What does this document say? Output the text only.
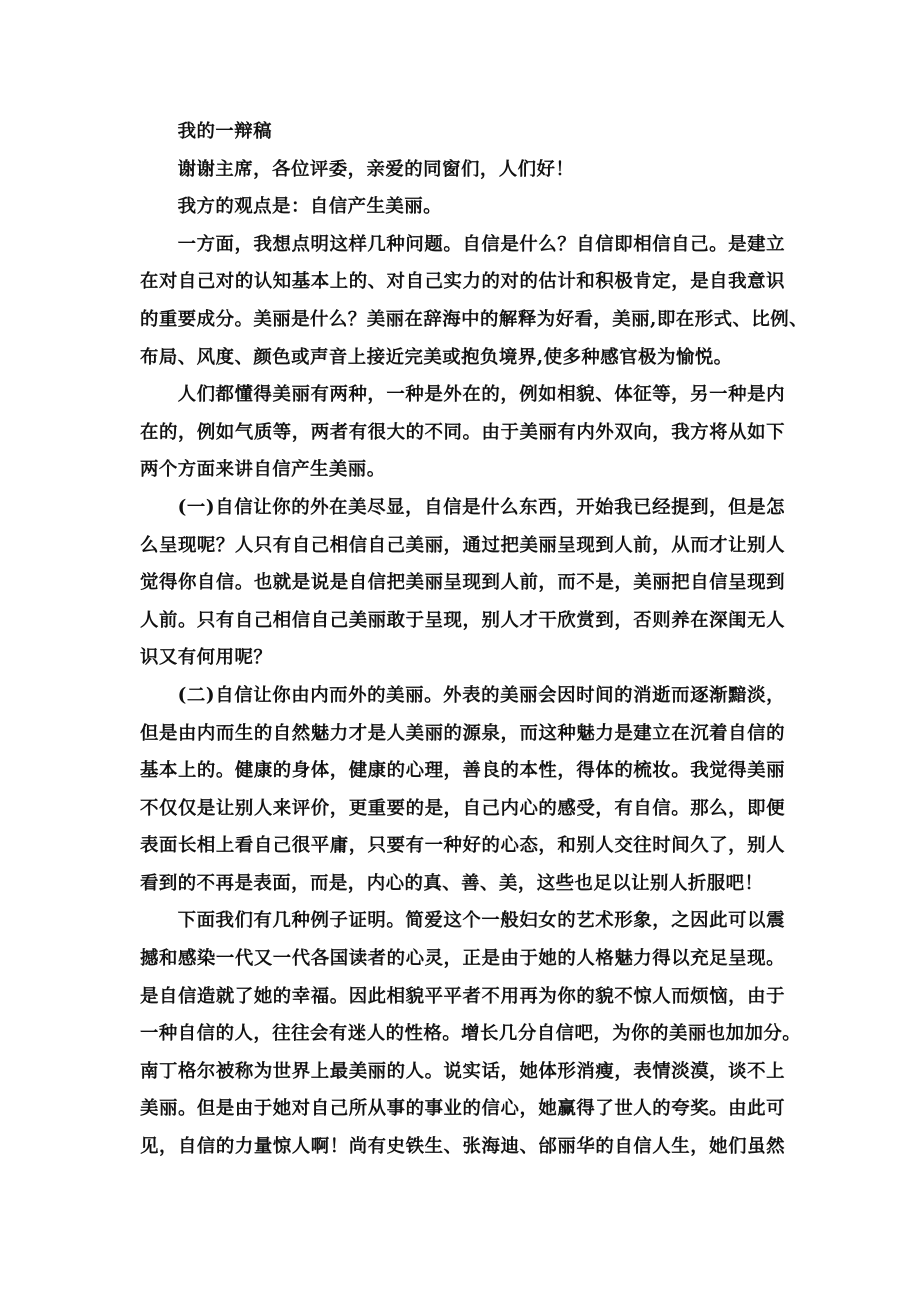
我的一辩稿
谢谢主席，各位评委，亲爱的同窗们，人们好！
我方的观点是：自信产生美丽。
一方面，我想点明这样几种问题。自信是什么？自信即相信自己。是建立
在对自己对的认知基本上的、对自己实力的对的估计和积极肯定，是自我意识
的重要成分。美丽是什么？美丽在辞海中的解释为好看，美丽,即在形式、比例、
布局、风度、颜色或声音上接近完美或抱负境界,使多种感官极为愉悦。
人们都懂得美丽有两种，一种是外在的，例如相貌、体征等，另一种是内
在的，例如气质等，两者有很大的不同。由于美丽有内外双向，我方将从如下
两个方面来讲自信产生美丽。
(一)自信让你的外在美尽显，自信是什么东西，开始我已经提到，但是怎
么呈现呢？人只有自己相信自己美丽，通过把美丽呈现到人前，从而才让别人
觉得你自信。也就是说是自信把美丽呈现到人前，而不是，美丽把自信呈现到
人前。只有自己相信自己美丽敢于呈现，别人才干欣赏到，否则养在深闺无人
识又有何用呢？
(二)自信让你由内而外的美丽。外表的美丽会因时间的消逝而逐渐黯淡，
但是由内而生的自然魅力才是人美丽的源泉，而这种魅力是建立在沉着自信的
基本上的。健康的身体，健康的心理，善良的本性，得体的梳妆。我觉得美丽
不仅仅是让别人来评价，更重要的是，自己内心的感受，有自信。那么，即便
表面长相上看自己很平庸，只要有一种好的心态，和别人交往时间久了，别人
看到的不再是表面，而是，内心的真、善、美，这些也足以让别人折服吧！
下面我们有几种例子证明。简爱这个一般妇女的艺术形象，之因此可以震
撼和感染一代又一代各国读者的心灵，正是由于她的人格魅力得以充足呈现。
是自信造就了她的幸福。因此相貌平平者不用再为你的貌不惊人而烦恼，由于
一种自信的人，往往会有迷人的性格。增长几分自信吧，为你的美丽也加加分。
南丁格尔被称为世界上最美丽的人。说实话，她体形消瘦，表情淡漠，谈不上
美丽。但是由于她对自己所从事的事业的信心，她赢得了世人的夸奖。由此可
见，自信的力量惊人啊！尚有史铁生、张海迪、邰丽华的自信人生，她们虽然
